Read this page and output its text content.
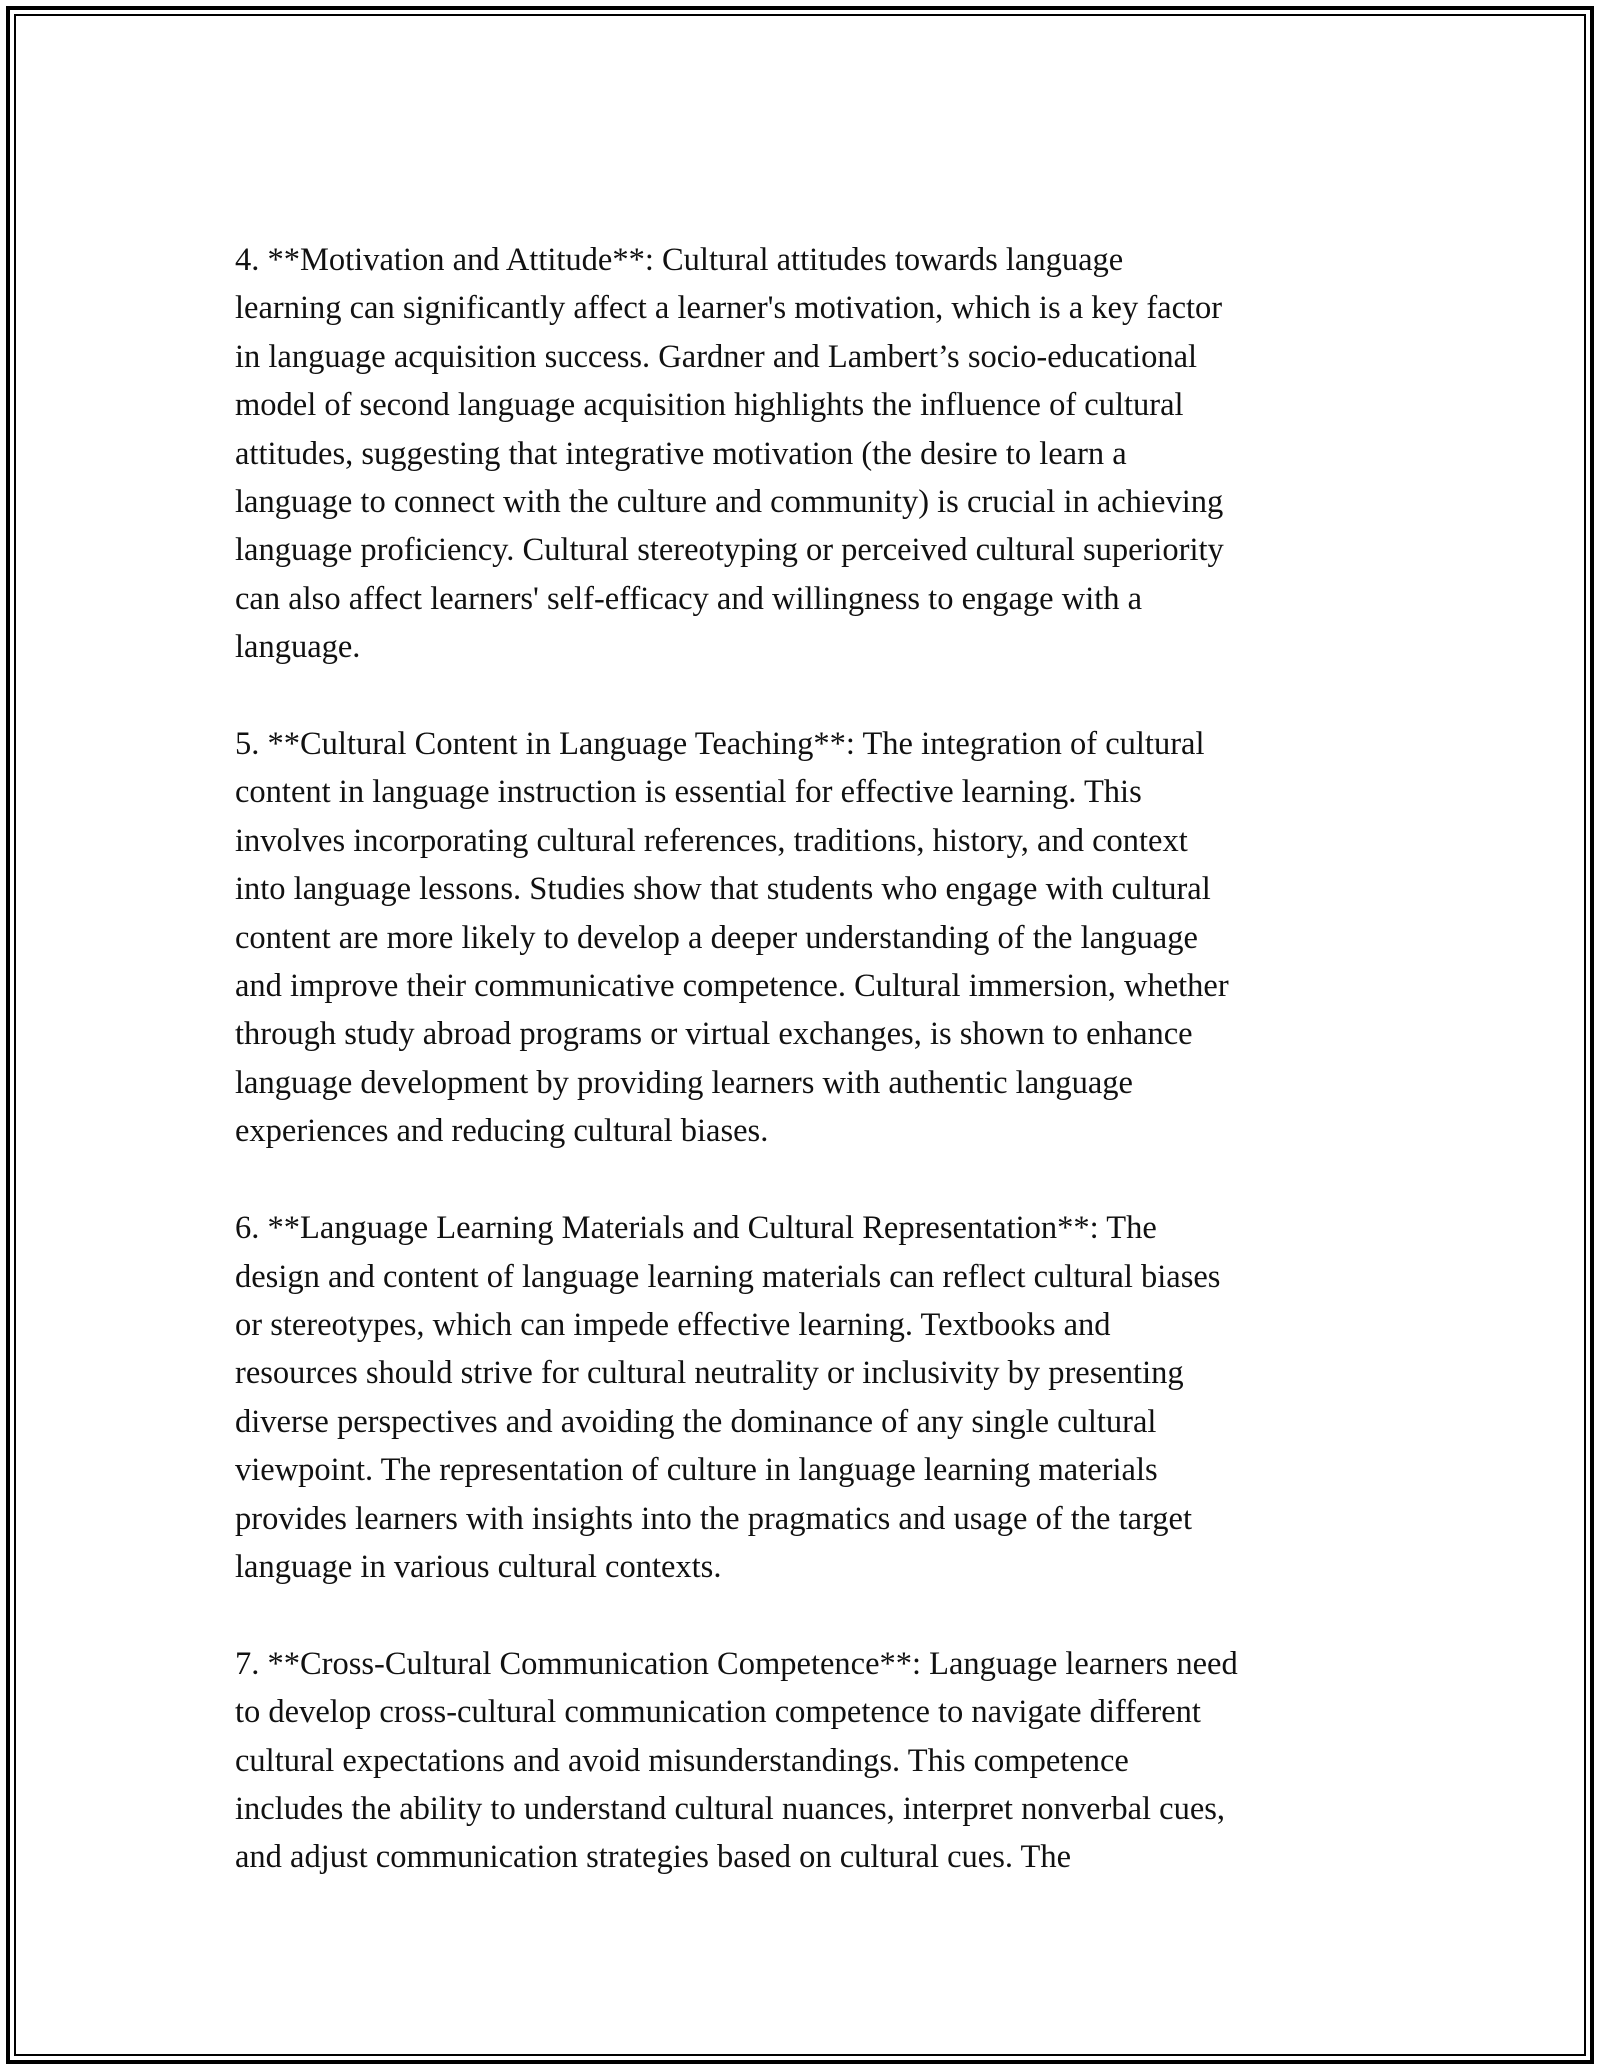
4. **Motivation and Attitude**: Cultural attitudes towards language
learning can significantly affect a learner's motivation, which is a key factor
in language acquisition success. Gardner and Lambert’s socio-educational
model of second language acquisition highlights the influence of cultural
attitudes, suggesting that integrative motivation (the desire to learn a
language to connect with the culture and community) is crucial in achieving
language proficiency. Cultural stereotyping or perceived cultural superiority
can also affect learners' self-efficacy and willingness to engage with a
language.

5. **Cultural Content in Language Teaching**: The integration of cultural
content in language instruction is essential for effective learning. This
involves incorporating cultural references, traditions, history, and context
into language lessons. Studies show that students who engage with cultural
content are more likely to develop a deeper understanding of the language
and improve their communicative competence. Cultural immersion, whether
through study abroad programs or virtual exchanges, is shown to enhance
language development by providing learners with authentic language
experiences and reducing cultural biases.

6. **Language Learning Materials and Cultural Representation**: The
design and content of language learning materials can reflect cultural biases
or stereotypes, which can impede effective learning. Textbooks and
resources should strive for cultural neutrality or inclusivity by presenting
diverse perspectives and avoiding the dominance of any single cultural
viewpoint. The representation of culture in language learning materials
provides learners with insights into the pragmatics and usage of the target
language in various cultural contexts.

7. **Cross-Cultural Communication Competence**: Language learners need
to develop cross-cultural communication competence to navigate different
cultural expectations and avoid misunderstandings. This competence
includes the ability to understand cultural nuances, interpret nonverbal cues,
and adjust communication strategies based on cultural cues. The
